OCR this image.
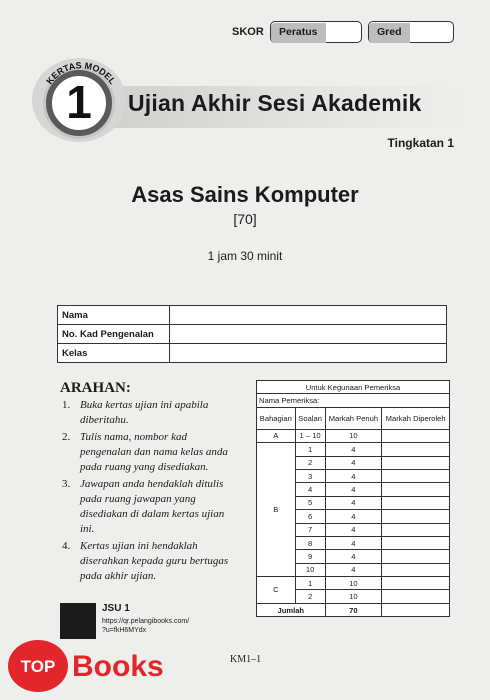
SKOR	Peratus	Gred
KERTAS MODEL
1	Ujian Akhir Sesi Akademik
Tingkatan 1
Asas Sains Komputer
[70]
1 jam 30 minit
Nama	
No. Kad Pengenalan	
Kelas	
ARAHAN:
1. Buka kertas ujian ini apabila diberitahu.
2. Tulis nama, nombor kad pengenalan dan nama kelas anda pada ruang yang disediakan.
3. Jawapan anda hendaklah ditulis pada ruang jawapan yang disediakan di dalam kertas ujian ini.
4. Kertas ujian ini hendaklah diserahkan kepada guru bertugas pada akhir ujian.
Untuk Kegunaan Pemeriksa			
Nama Pemeriksa:			
Bahagian	Soalan	Markah Penuh	Markah Diperoleh
A	1 – 10	10	
B	1	4	
	2	4	
	3	4	
	4	4	
	5	4	
	6	4	
	7	4	
	8	4	
	9	4	
	10	4	
C	1	10	
	2	10	
Jumlah		70	
JSU 1
https://qr.pelangibooks.com/
?u=fkH6MYdx
TOP Books	KM1–1
